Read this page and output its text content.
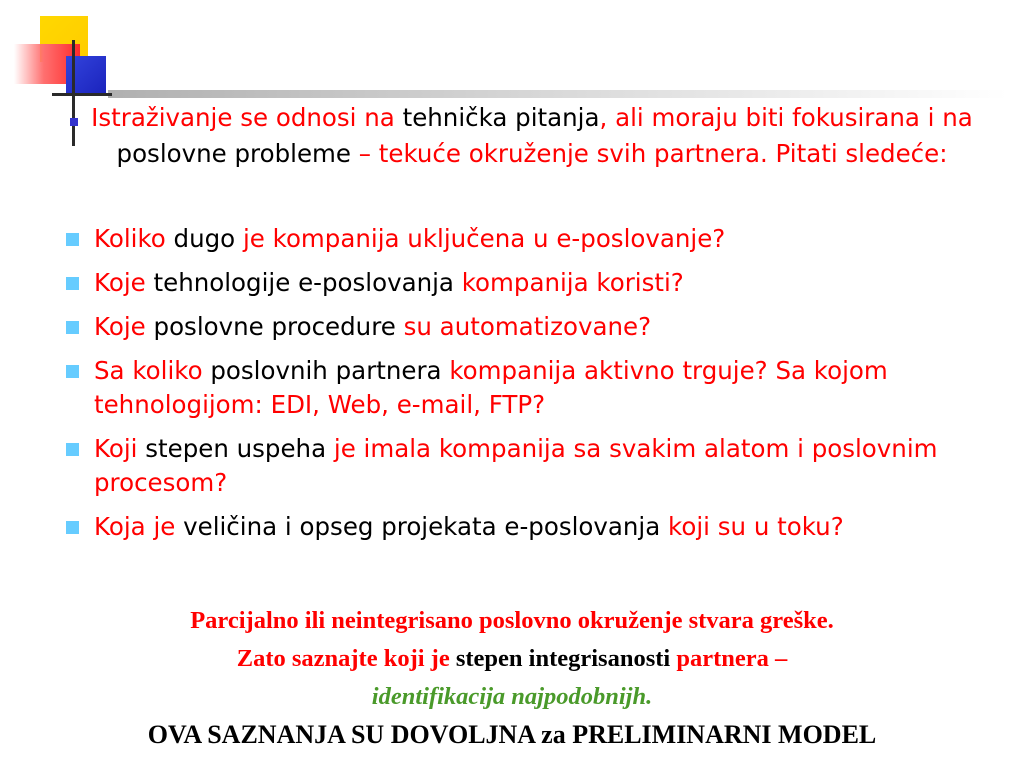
Istraživanje se odnosi na tehnička pitanja, ali moraju biti fokusirana i na poslovne probleme – tekuće okruženje svih partnera. Pitati sledeće:
Koliko dugo je kompanija uključena u e-poslovanje?
Koje tehnologije e-poslovanja kompanija koristi?
Koje poslovne procedure su automatizovane?
Sa koliko poslovnih partnera kompanija aktivno trguje? Sa kojom tehnologijom: EDI, Web, e-mail, FTP?
Koji stepen uspeha je imala kompanija sa svakim alatom i poslovnim procesom?
Koja je veličina i opseg projekata e-poslovanja koji su u toku?
Parcijalno ili neintegrisano poslovno okruženje stvara greške.
Zato saznajte koji je stepen integrisanosti partnera –
identifikacija najpodobnijh.
OVA SAZNANJA SU DOVOLJNA za PRELIMINARNI MODEL
